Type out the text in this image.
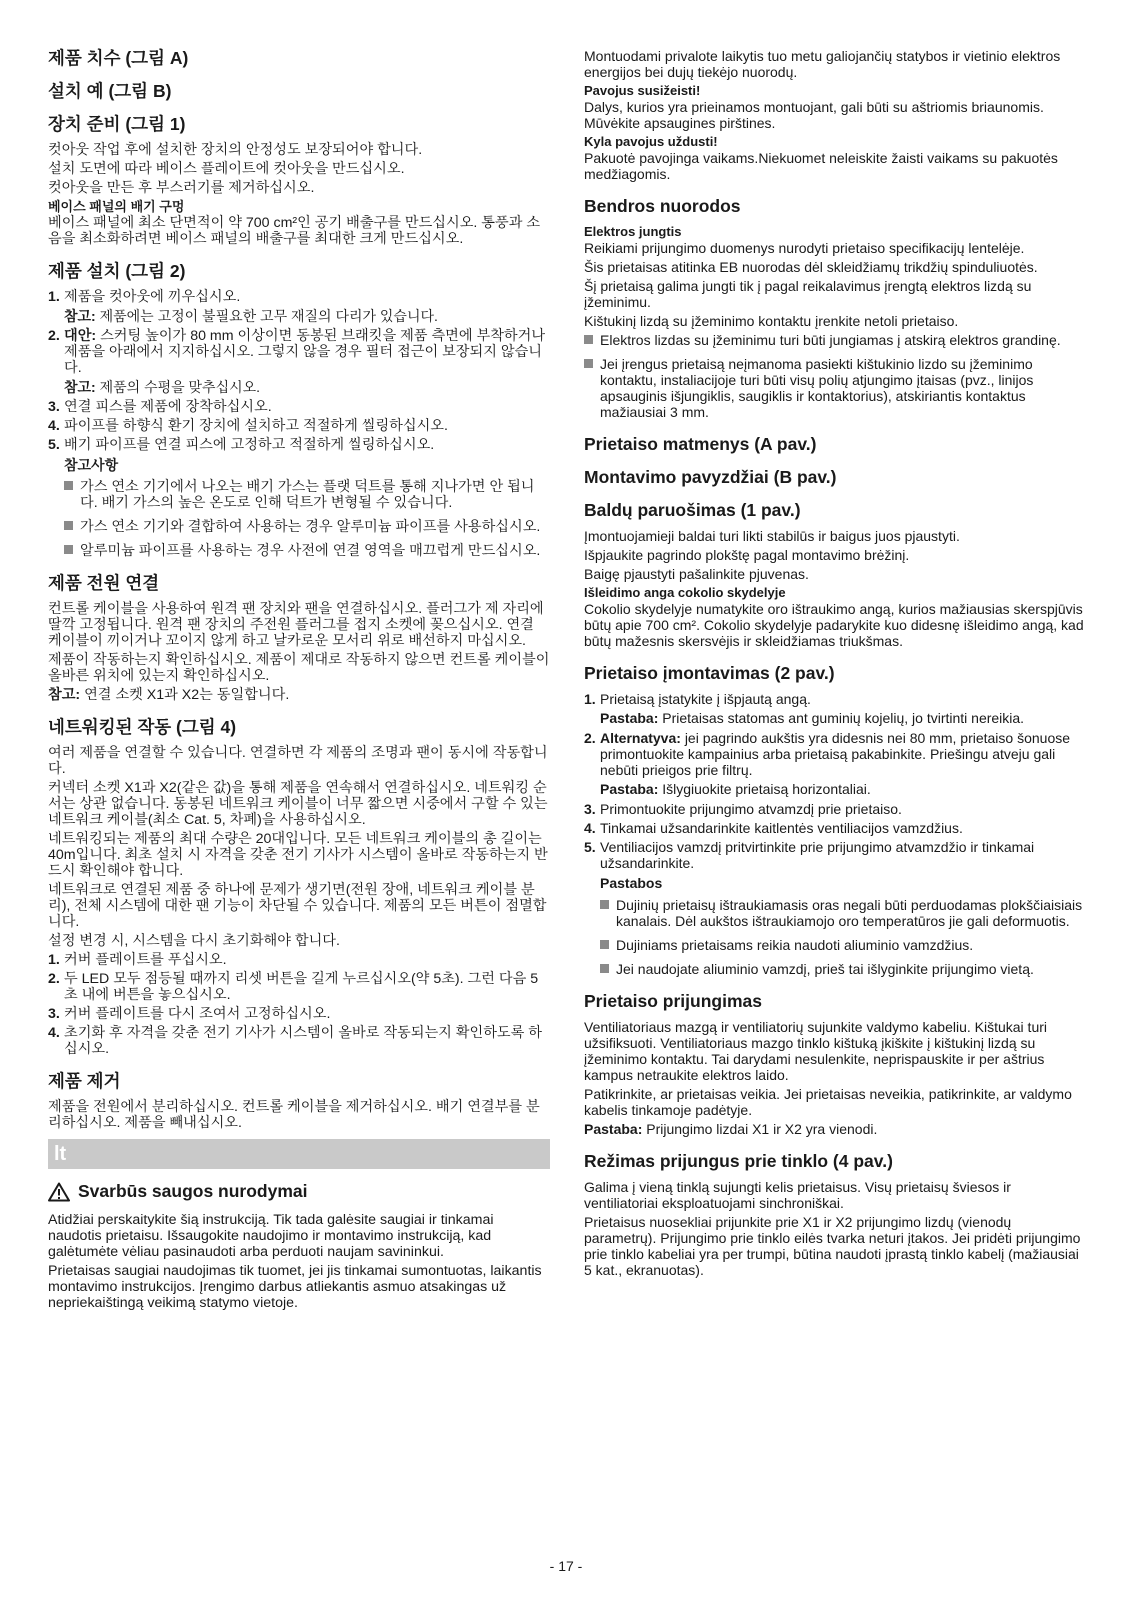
제품 치수 (그림 A)
설치 예 (그림 B)
장치 준비 (그림 1)
컷아웃 작업 후에 설치한 장치의 안정성도 보장되어야 합니다.
설치 도면에 따라 베이스 플레이트에 컷아웃을 만드십시오.
컷아웃을 만든 후 부스러기를 제거하십시오.
베이스 패널의 배기 구멍
베이스 패널에 최소 단면적이 약 700 cm²인 공기 배출구를 만드십시오. 통풍과 소음을 최소화하려면 베이스 패널의 배출구를 최대한 크게 만드십시오.
제품 설치 (그림 2)
1. 제품을 컷아웃에 끼우십시오.
참고: 제품에는 고정이 불필요한 고무 재질의 다리가 있습니다.
2. 대안: 스커팅 높이가 80 mm 이상이면 동봉된 브래킷을 제품 측면에 부착하거나 제품을 아래에서 지지하십시오. 그렇지 않을 경우 필터 접근이 보장되지 않습니다.
참고: 제품의 수평을 맞추십시오.
3. 연결 피스를 제품에 장착하십시오.
4. 파이프를 하향식 환기 장치에 설치하고 적절하게 씰링하십시오.
5. 배기 파이프를 연결 피스에 고정하고 적절하게 씰링하십시오.
참고사항
가스 연소 기기에서 나오는 배기 가스는 플랫 덕트를 통해 지나가면 안 됩니다. 배기 가스의 높은 온도로 인해 덕트가 변형될 수 있습니다.
가스 연소 기기와 결합하여 사용하는 경우 알루미늄 파이프를 사용하십시오.
알루미늄 파이프를 사용하는 경우 사전에 연결 영역을 매끄럽게 만드십시오.
제품 전원 연결
컨트롤 케이블을 사용하여 원격 팬 장치와 팬을 연결하십시오. 플러그가 제 자리에 딸깍 고정됩니다. 원격 팬 장치의 주전원 플러그를 접지 소켓에 꽂으십시오. 연결 케이블이 끼이거나 꼬이지 않게 하고 날카로운 모서리 위로 배선하지 마십시오.
제품이 작동하는지 확인하십시오. 제품이 제대로 작동하지 않으면 컨트롤 케이블이 올바른 위치에 있는지 확인하십시오.
참고: 연결 소켓 X1과 X2는 동일합니다.
네트워킹된 작동 (그림 4)
여러 제품을 연결할 수 있습니다. 연결하면 각 제품의 조명과 팬이 동시에 작동합니다.
커넥터 소켓 X1과 X2(같은 값)을 통해 제품을 연속해서 연결하십시오. 네트워킹 순서는 상관 없습니다. 동봉된 네트워크 케이블이 너무 짧으면 시중에서 구할 수 있는 네트워크 케이블(최소 Cat. 5, 차폐)을 사용하십시오.
네트워킹되는 제품의 최대 수량은 20대입니다. 모든 네트워크 케이블의 총 길이는 40m입니다. 최초 설치 시 자격을 갖춘 전기 기사가 시스템이 올바로 작동하는지 반드시 확인해야 합니다.
네트워크로 연결된 제품 중 하나에 문제가 생기면(전원 장애, 네트워크 케이블 분리), 전체 시스템에 대한 팬 기능이 차단될 수 있습니다. 제품의 모든 버튼이 점멸합니다.
설정 변경 시, 시스템을 다시 초기화해야 합니다.
1. 커버 플레이트를 푸십시오.
2. 두 LED 모두 점등될 때까지 리셋 버튼을 길게 누르십시오(약 5초). 그런 다음 5초 내에 버튼을 놓으십시오.
3. 커버 플레이트를 다시 조여서 고정하십시오.
4. 초기화 후 자격을 갖춘 전기 기사가 시스템이 올바로 작동되는지 확인하도록 하십시오.
제품 제거
제품을 전원에서 분리하십시오. 컨트롤 케이블을 제거하십시오. 배기 연결부를 분리하십시오. 제품을 빼내십시오.
lt
Svarbūs saugos nurodymai
Atidžiai perskaitykite šią instrukciją. Tik tada galėsite saugiai ir tinkamai naudotis prietaisu. Išsaugokite naudojimo ir montavimo instrukciją, kad galėtumėte vėliau pasinaudoti arba perduoti naujam savininkui.
Prietaisas saugiai naudojimas tik tuomet, jei jis tinkamai sumontuotas, laikantis montavimo instrukcijos. Įrengimo darbus atliekantis asmuo atsakingas už nepriekaištingą veikimą statymo vietoje.
Montuodami privalote laikytis tuo metu galiojančių statybos ir vietinio elektros energijos bei dujų tiekėjo nuorodų.
Pavojus susižeisti!
Dalys, kurios yra prieinamos montuojant, gali būti su aštriomis briaunomis. Mūvėkite apsaugines pirštines.
Kyla pavojus uždusti!
Pakuotė pavojinga vaikams.Niekuomet neleiskite žaisti vaikams su pakuotės medžiagomis.
Bendros nuorodos
Elektros jungtis
Reikiami prijungimo duomenys nurodyti prietaiso specifikacijų lentelėje.
Šis prietaisas atitinka EB nuorodas dėl skleidžiamų trikdžių spinduliuotės.
Šį prietaisą galima jungti tik į pagal reikalavimus įrengtą elektros lizdą su įžeminimu.
Kištukinį lizdą su įžeminimo kontaktu įrenkite netoli prietaiso.
Elektros lizdas su įžeminimu turi būti jungiamas į atskirą elektros grandinę.
Jei įrengus prietaisą neįmanoma pasiekti kištukinio lizdo su įžeminimo kontaktu, instaliacijoje turi būti visų polių atjungimo įtaisas (pvz., linijos apsauginis išjungiklis, saugiklis ir kontaktorius), atskiriantis kontaktus mažiausiai 3 mm.
Prietaiso matmenys (A pav.)
Montavimo pavyzdžiai (B pav.)
Baldų paruošimas (1 pav.)
Įmontuojamieji baldai turi likti stabilūs ir baigus juos pjaustyti.
Išpjaukite pagrindo plokštę pagal montavimo brėžinį.
Baigę pjaustyti pašalinkite pjuvenas.
Išleidimo anga cokolio skydelyje
Cokolio skydelyje numatykite oro ištraukimo angą, kurios mažiausias skerspjūvis būtų apie 700 cm². Cokolio skydelyje padarykite kuo didesnę išleidimo angą, kad būtų mažesnis skersvėjis ir skleidžiamas triukšmas.
Prietaiso įmontavimas (2 pav.)
1. Prietaisą įstatykite į išpjautą angą.
Pastaba: Prietaisas statomas ant guminių kojelių, jo tvirtinti nereikia.
2. Alternatyva: jei pagrindo aukštis yra didesnis nei 80 mm, prietaiso šonuose primontuokite kampainius arba prietaisą pakabinkite. Priešingu atveju gali nebūti prieigos prie filtrų.
Pastaba: Išlygiuokite prietaisą horizontaliai.
3. Primontuokite prijungimo atvamzdį prie prietaiso.
4. Tinkamai užsandarinkite kaitlentės ventiliacijos vamzdžius.
5. Ventiliacijos vamzdį pritvirtinkite prie prijungimo atvamzdžio ir tinkamai užsandarinkite.
Pastabos
Dujinių prietaisų ištraukiamasis oras negali būti perduodamas plokščiaisiais kanalais. Dėl aukštos ištraukiamojo oro temperatūros jie gali deformuotis.
Dujiniams prietaisams reikia naudoti aliuminio vamzdžius.
Jei naudojate aliuminio vamzdį, prieš tai išlyginkite prijungimo vietą.
Prietaiso prijungimas
Ventiliatoriaus mazgą ir ventiliatorių sujunkite valdymo kabeliu. Kištukai turi užsifiksuoti. Ventiliatoriaus mazgo tinklo kištuką įkiškite į kištukinį lizdą su įžeminimo kontaktu. Tai darydami nesulenkite, neprispauskite ir per aštrius kampus netraukite elektros laido.
Patikrinkite, ar prietaisas veikia. Jei prietaisas neveikia, patikrinkite, ar valdymo kabelis tinkamoje padėtyje.
Pastaba: Prijungimo lizdai X1 ir X2 yra vienodi.
Režimas prijungus prie tinklo (4 pav.)
Galima į vieną tinklą sujungti kelis prietaisus. Visų prietaisų šviesos ir ventiliatoriai eksploatuojami sinchroniškai.
Prietaisus nuosekliai prijunkite prie X1 ir X2 prijungimo lizdų (vienodų parametrų). Prijungimo prie tinklo eilės tvarka neturi įtakos. Jei pridėti prijungimo prie tinklo kabeliai yra per trumpi, būtina naudoti įprastą tinklo kabelį (mažiausiai 5 kat., ekranuotas).
- 17 -
